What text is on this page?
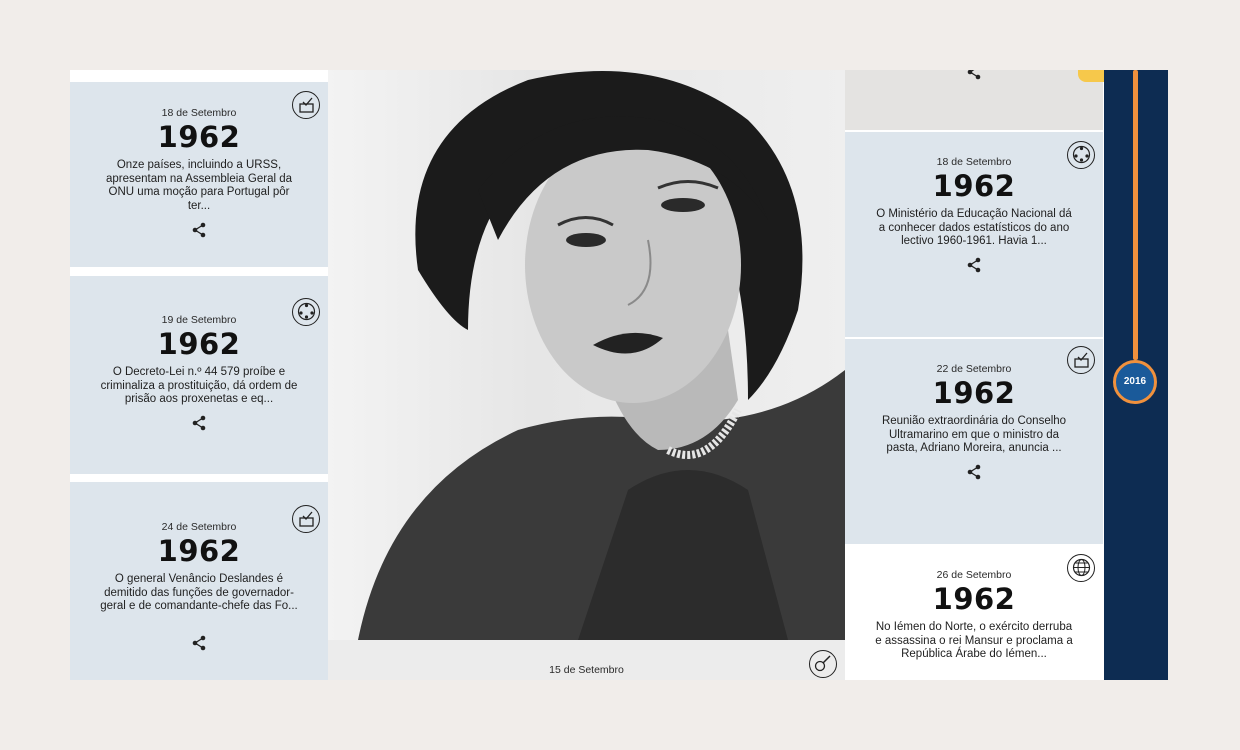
18 de Setembro
1962
Onze países, incluindo a URSS, apresentam na Assembleia Geral da ONU uma moção para Portugal pôr ter...
19 de Setembro
1962
O Decreto-Lei n.º 44 579 proíbe e criminaliza a prostituição, dá ordem de prisão aos proxenetas e eq...
24 de Setembro
1962
O general Venâncio Deslandes é demitido das funções de governador-geral e de comandante-chefe das Fo...
15 de Setembro
18 de Setembro
1962
O Ministério da Educação Nacional dá a conhecer dados estatísticos do ano lectivo 1960-1961. Havia 1...
22 de Setembro
1962
Reunião extraordinária do Conselho Ultramarino em que o ministro da pasta, Adriano Moreira, anuncia ...
26 de Setembro
1962
No Iémen do Norte, o exército derruba e assassina o rei Mansur e proclama a República Árabe do Iémen...
2016
